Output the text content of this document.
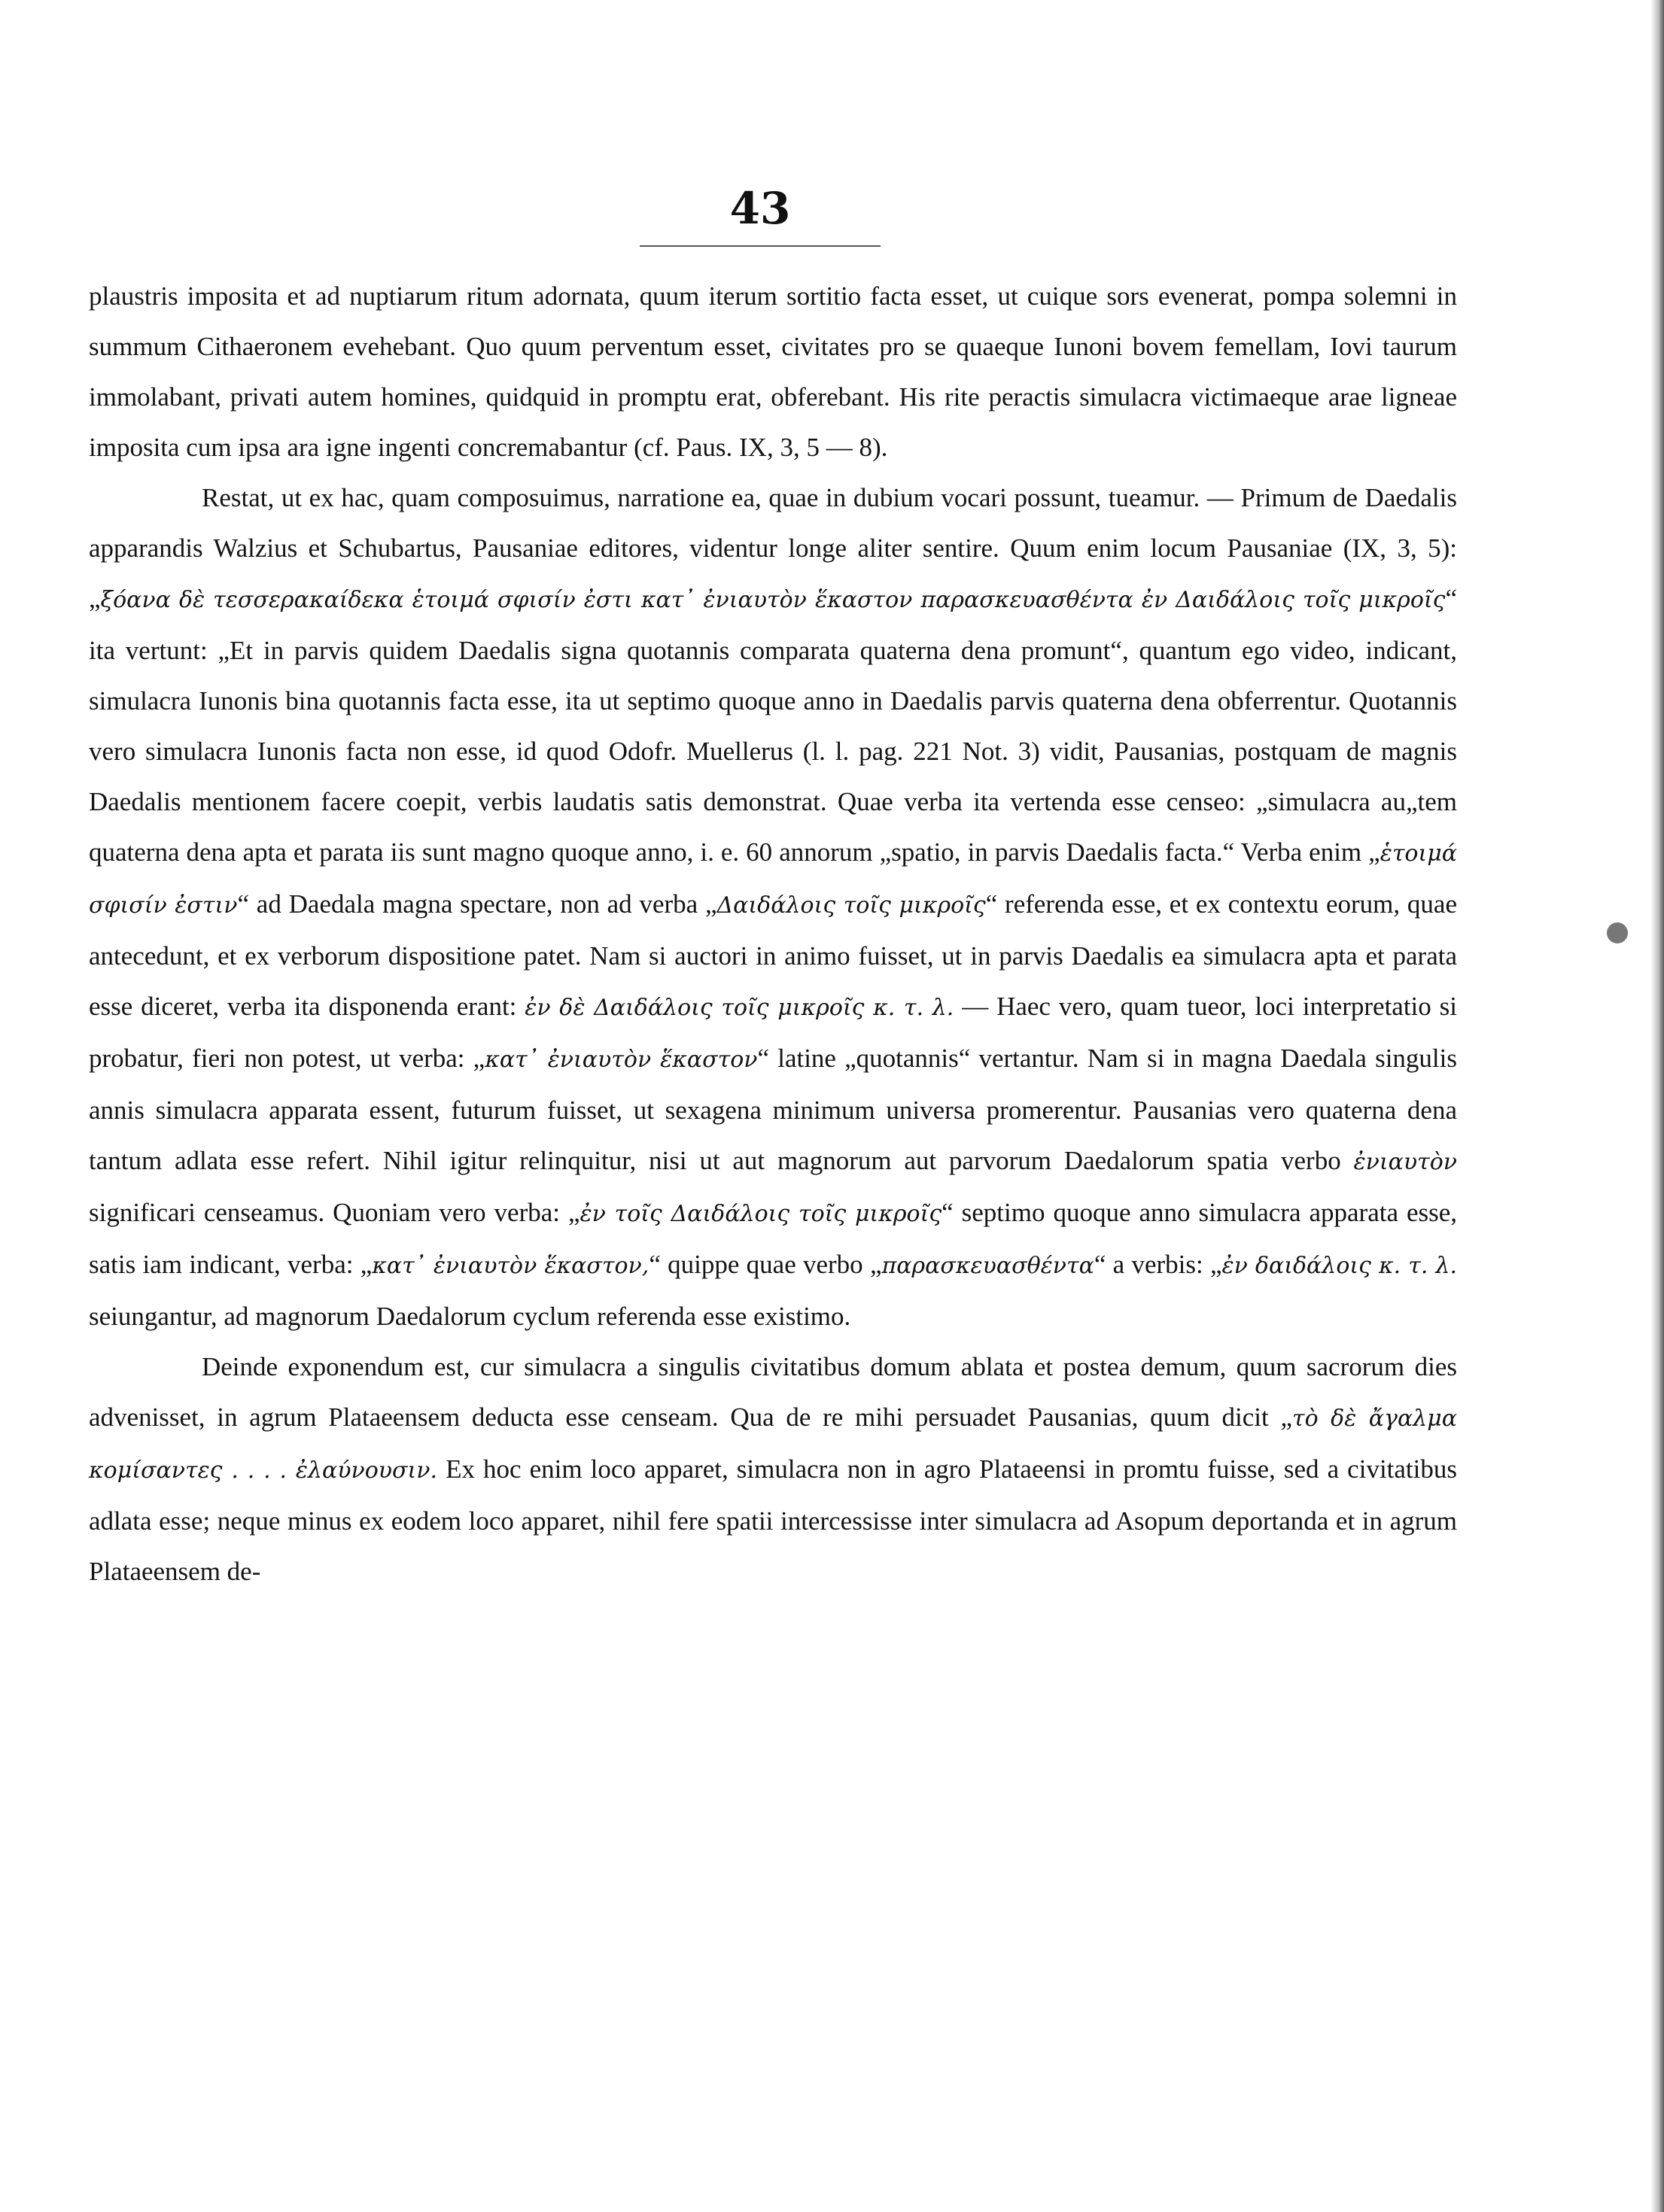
43

plaustris imposita et ad nuptiarum ritum adornata, quum iterum sortitio facta esset, ut cuique sors evenerat, pompa solemni in summum Cithaeronem evehebant. Quo quum perventum esset, civitates pro se quaeque Iunoni bovem femellam, Iovi taurum immolabant, privati autem homines, quidquid in promptu erat, obferebant. His rite peractis simulacra victimaeque arae ligneae imposita cum ipsa ara igne ingenti concremabantur (cf. Paus. IX, 3, 5 — 8).

Restat, ut ex hac, quam composuimus, narratione ea, quae in dubium vocari possunt, tueamur. — Primum de Daedalis apparandis Walzius et Schubartus, Pausaniae editores, videntur longe aliter sentire. Quum enim locum Pausaniae (IX, 3, 5): „ξόανα δὲ τεσσερακαίδεκα ἑτοιμά σφισίν ἐστι κατ᾽ ἐνιαυτὸν ἕκαστον παρασκευασθέντα ἐν Δαιδάλοις τοῖς μικροῖς“ ita vertunt: „Et in parvis quidem Daedalis signa quotannis comparata quaterna dena promunt“, quantum ego video, indicant, simulacra Iunonis bina quotannis facta esse, ita ut septimo quoque anno in Daedalis parvis quaterna dena obferrentur. Quotannis vero simulacra Iunonis facta non esse, id quod Odofr. Muellerus (l. l. pag. 221 Not. 3) vidit, Pausanias, postquam de magnis Daedalis mentionem facere coepit, verbis laudatis satis demonstrat. Quae verba ita vertenda esse censeo: „simulacra au„tem quaterna dena apta et parata iis sunt magno quoque anno, i. e. 60 annorum „spatio, in parvis Daedalis facta.“ Verba enim „ἑτοιμά σφισίν ἐστιν“ ad Daedala magna spectare, non ad verba „Δαιδάλοις τοῖς μικροῖς“ referenda esse, et ex contextu eorum, quae antecedunt, et ex verborum dispositione patet. Nam si auctori in animo fuisset, ut in parvis Daedalis ea simulacra apta et parata esse diceret, verba ita disponenda erant: ἐν δὲ Δαιδάλοις τοῖς μικροῖς κ. τ. λ. — Haec vero, quam tueor, loci interpretatio si probatur, fieri non potest, ut verba: „κατ᾽ ἐνιαυτὸν ἕκαστον“ latine „quotannis“ vertantur. Nam si in magna Daedala singulis annis simulacra apparata essent, futurum fuisset, ut sexagena minimum universa promerentur. Pausanias vero quaterna dena tantum adlata esse refert. Nihil igitur relinquitur, nisi ut aut magnorum aut parvorum Daedalorum spatia verbo ἐνιαυτὸν significari censeamus. Quoniam vero verba: „ἐν τοῖς Δαιδάλοις τοῖς μικροῖς“ septimo quoque anno simulacra apparata esse, satis iam indicant, verba: „κατ᾽ ἐνιαυτὸν ἕκαστον,“ quippe quae verbo „παρασκευασθέντα“ a verbis: „ἐν δαιδάλοις κ. τ. λ. seiungantur, ad magnorum Daedalorum cyclum referenda esse existimo.

Deinde exponendum est, cur simulacra a singulis civitatibus domum ablata et postea demum, quum sacrorum dies advenisset, in agrum Plataeensem deducta esse censeam. Qua de re mihi persuadet Pausanias, quum dicit „τὸ δὲ ἄγαλμα κομίσαντες . . . . ἐλαύνουσιν. Ex hoc enim loco apparet, simulacra non in agro Plataeensi in promtu fuisse, sed a civitatibus adlata esse; neque minus ex eodem loco apparet, nihil fere spatii intercessisse inter simulacra ad Asopum deportanda et in agrum Plataeensem de-
